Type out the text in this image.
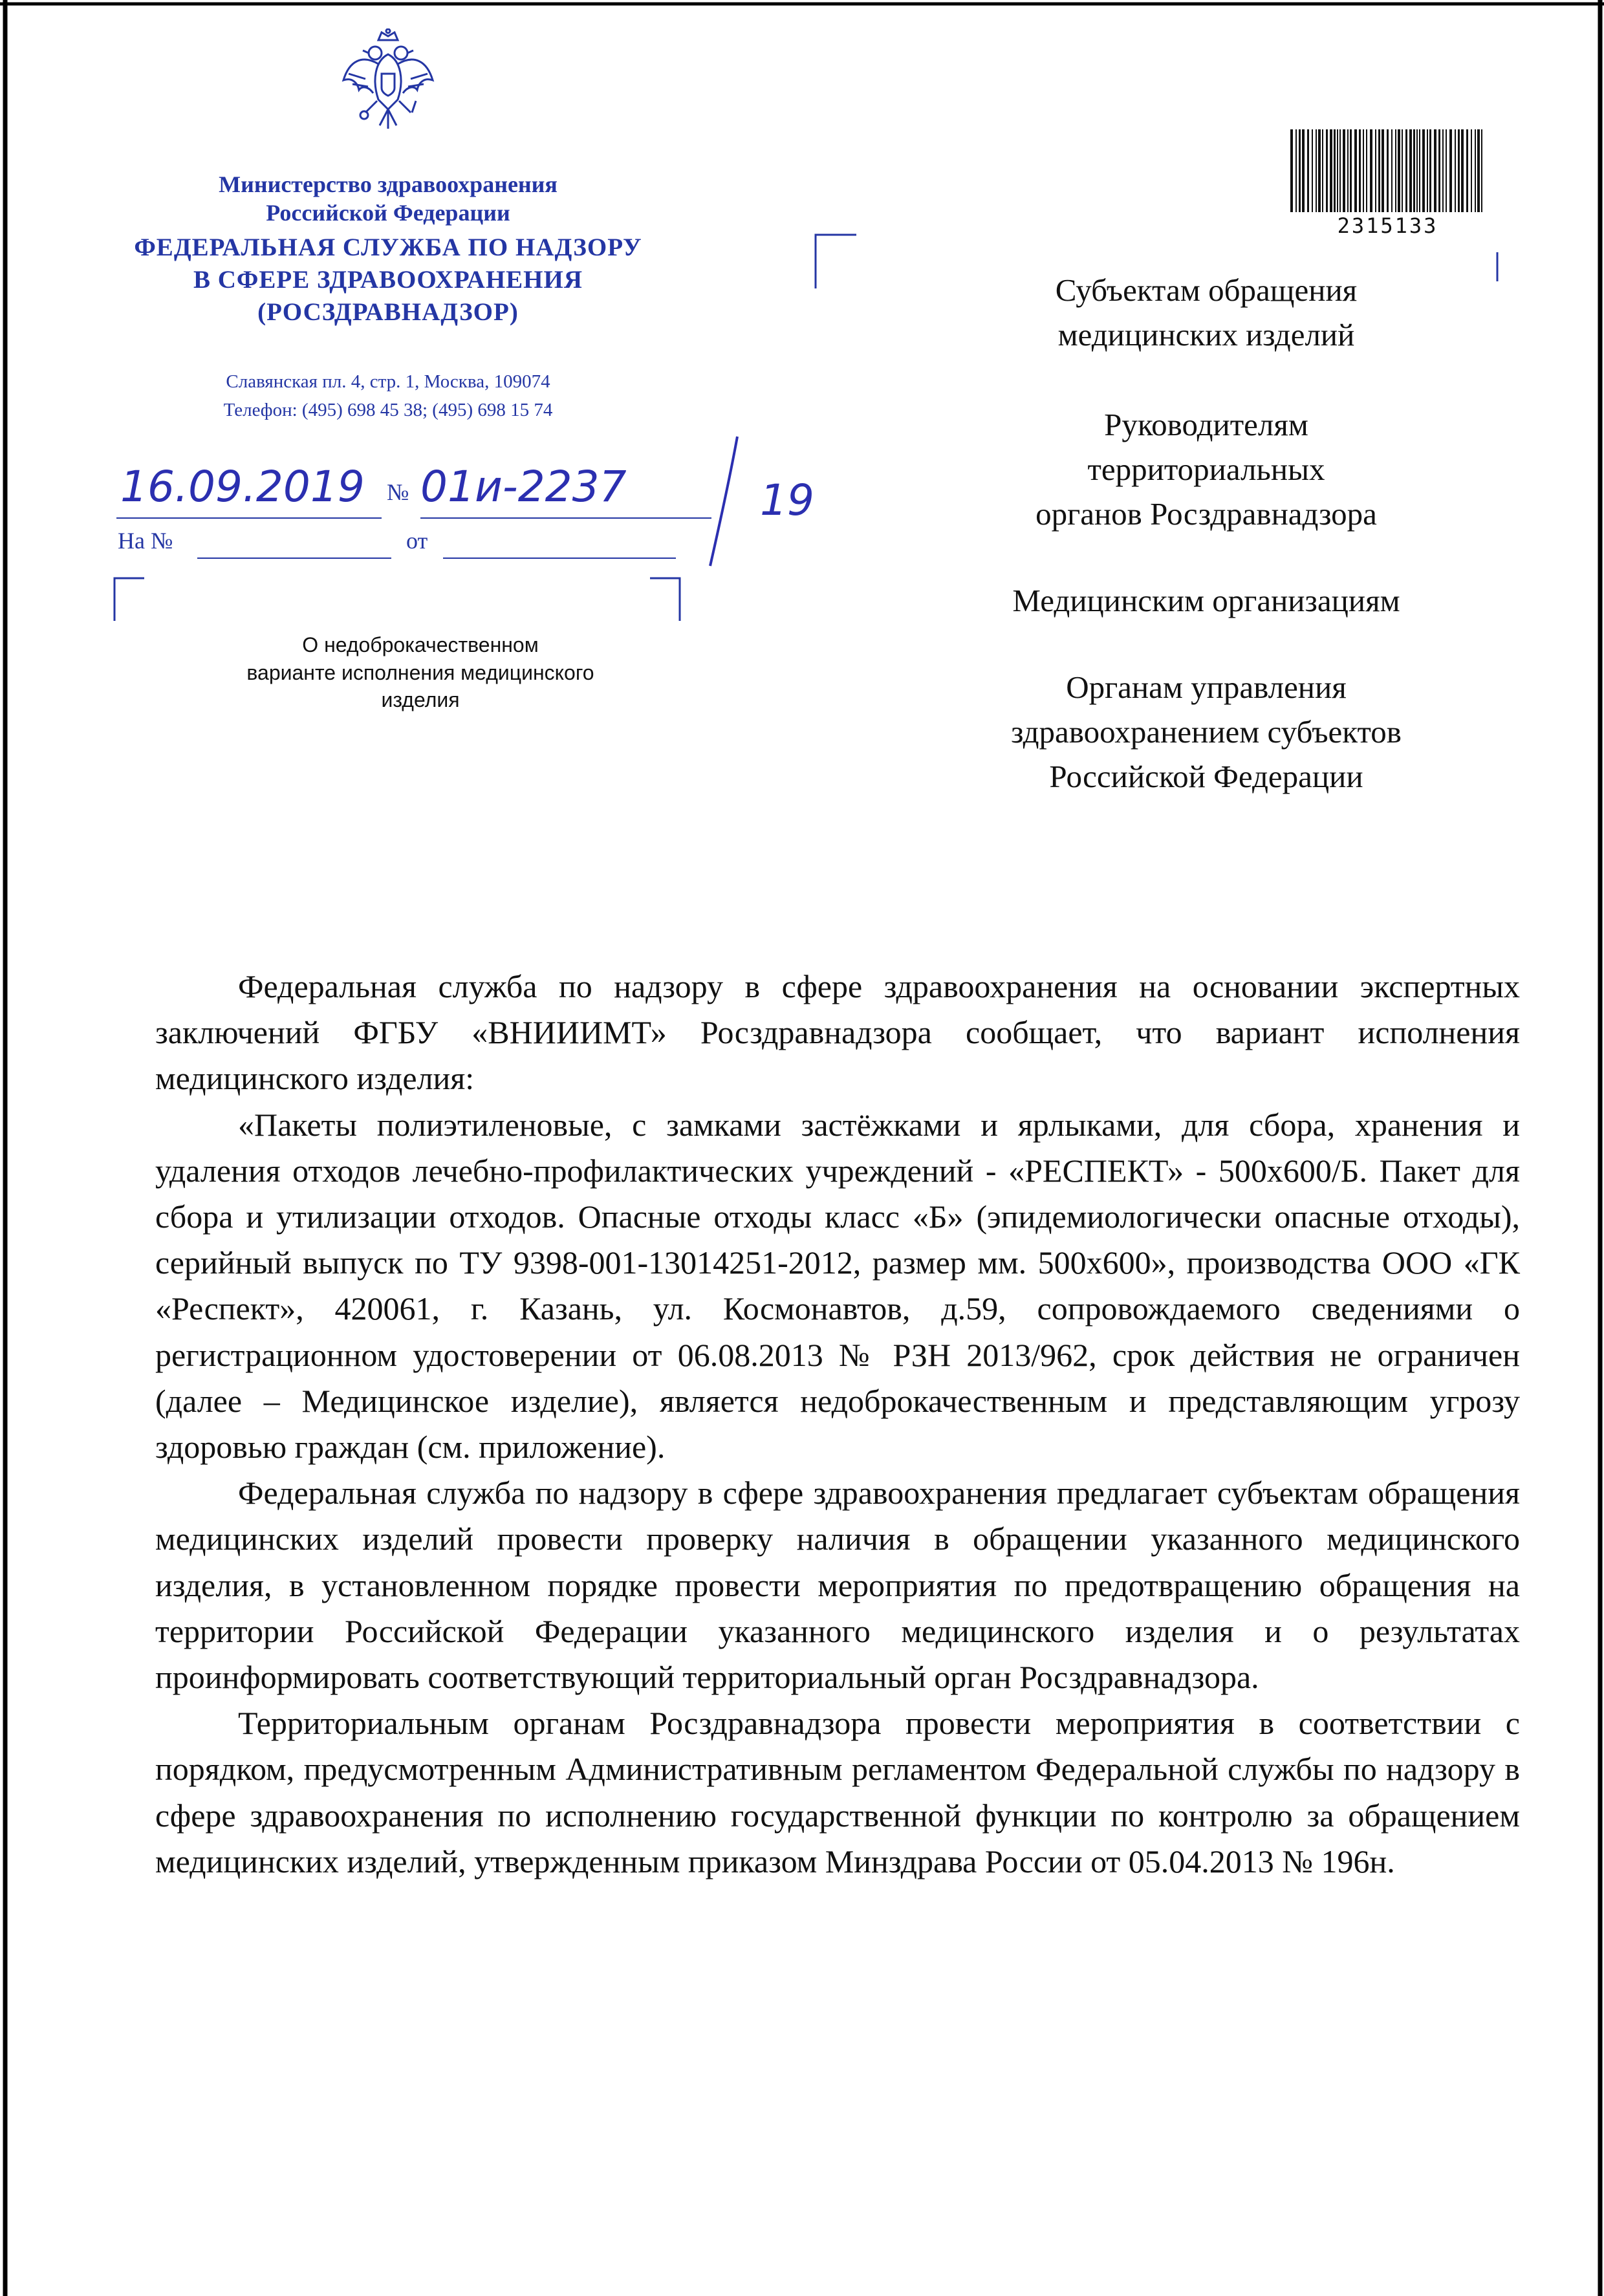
Министерство здравоохранения
Российской Федерации
ФЕДЕРАЛЬНАЯ СЛУЖБА ПО НАДЗОРУ
В СФЕРЕ ЗДРАВООХРАНЕНИЯ
(РОСЗДРАВНАДЗОР)
Славянская пл. 4, стр. 1, Москва, 109074
Телефон: (495) 698 45 38; (495) 698 15 74
16.09.2019 № 01и-2237	19
На №	от
О недоброкачественном
варианте исполнения медицинского
изделия
2315133
Субъектам обращения
медицинских изделий
Руководителям
территориальных
органов Росздравнадзора
Медицинским организациям
Органам управления
здравоохранением субъектов
Российской Федерации

Федеральная служба по надзору в сфере здравоохранения на основании экспертных заключений ФГБУ «ВНИИИМТ» Росздравнадзора сообщает, что вариант исполнения медицинского изделия:

«Пакеты полиэтиленовые, с замками застёжками и ярлыками, для сбора, хранения и удаления отходов лечебно-профилактических учреждений - «РЕСПЕКТ» - 500х600/Б. Пакет для сбора и утилизации отходов. Опасные отходы класс «Б» (эпидемиологически опасные отходы), серийный выпуск по ТУ 9398-001-13014251-2012, размер мм. 500х600», производства ООО «ГК «Респект», 420061, г. Казань, ул. Космонавтов, д.59, сопровождаемого сведениями о регистрационном удостоверении от 06.08.2013 № РЗН 2013/962, срок действия не ограничен (далее – Медицинское изделие), является недоброкачественным и представляющим угрозу здоровью граждан (см. приложение).

Федеральная служба по надзору в сфере здравоохранения предлагает субъектам обращения медицинских изделий провести проверку наличия в обращении указанного медицинского изделия, в установленном порядке провести мероприятия по предотвращению обращения на территории Российской Федерации указанного медицинского изделия и о результатах проинформировать соответствующий территориальный орган Росздравнадзора.

Территориальным органам Росздравнадзора провести мероприятия в соответствии с порядком, предусмотренным Административным регламентом Федеральной службы по надзору в сфере здравоохранения по исполнению государственной функции по контролю за обращением медицинских изделий, утвержденным приказом Минздрава России от 05.04.2013 № 196н.
